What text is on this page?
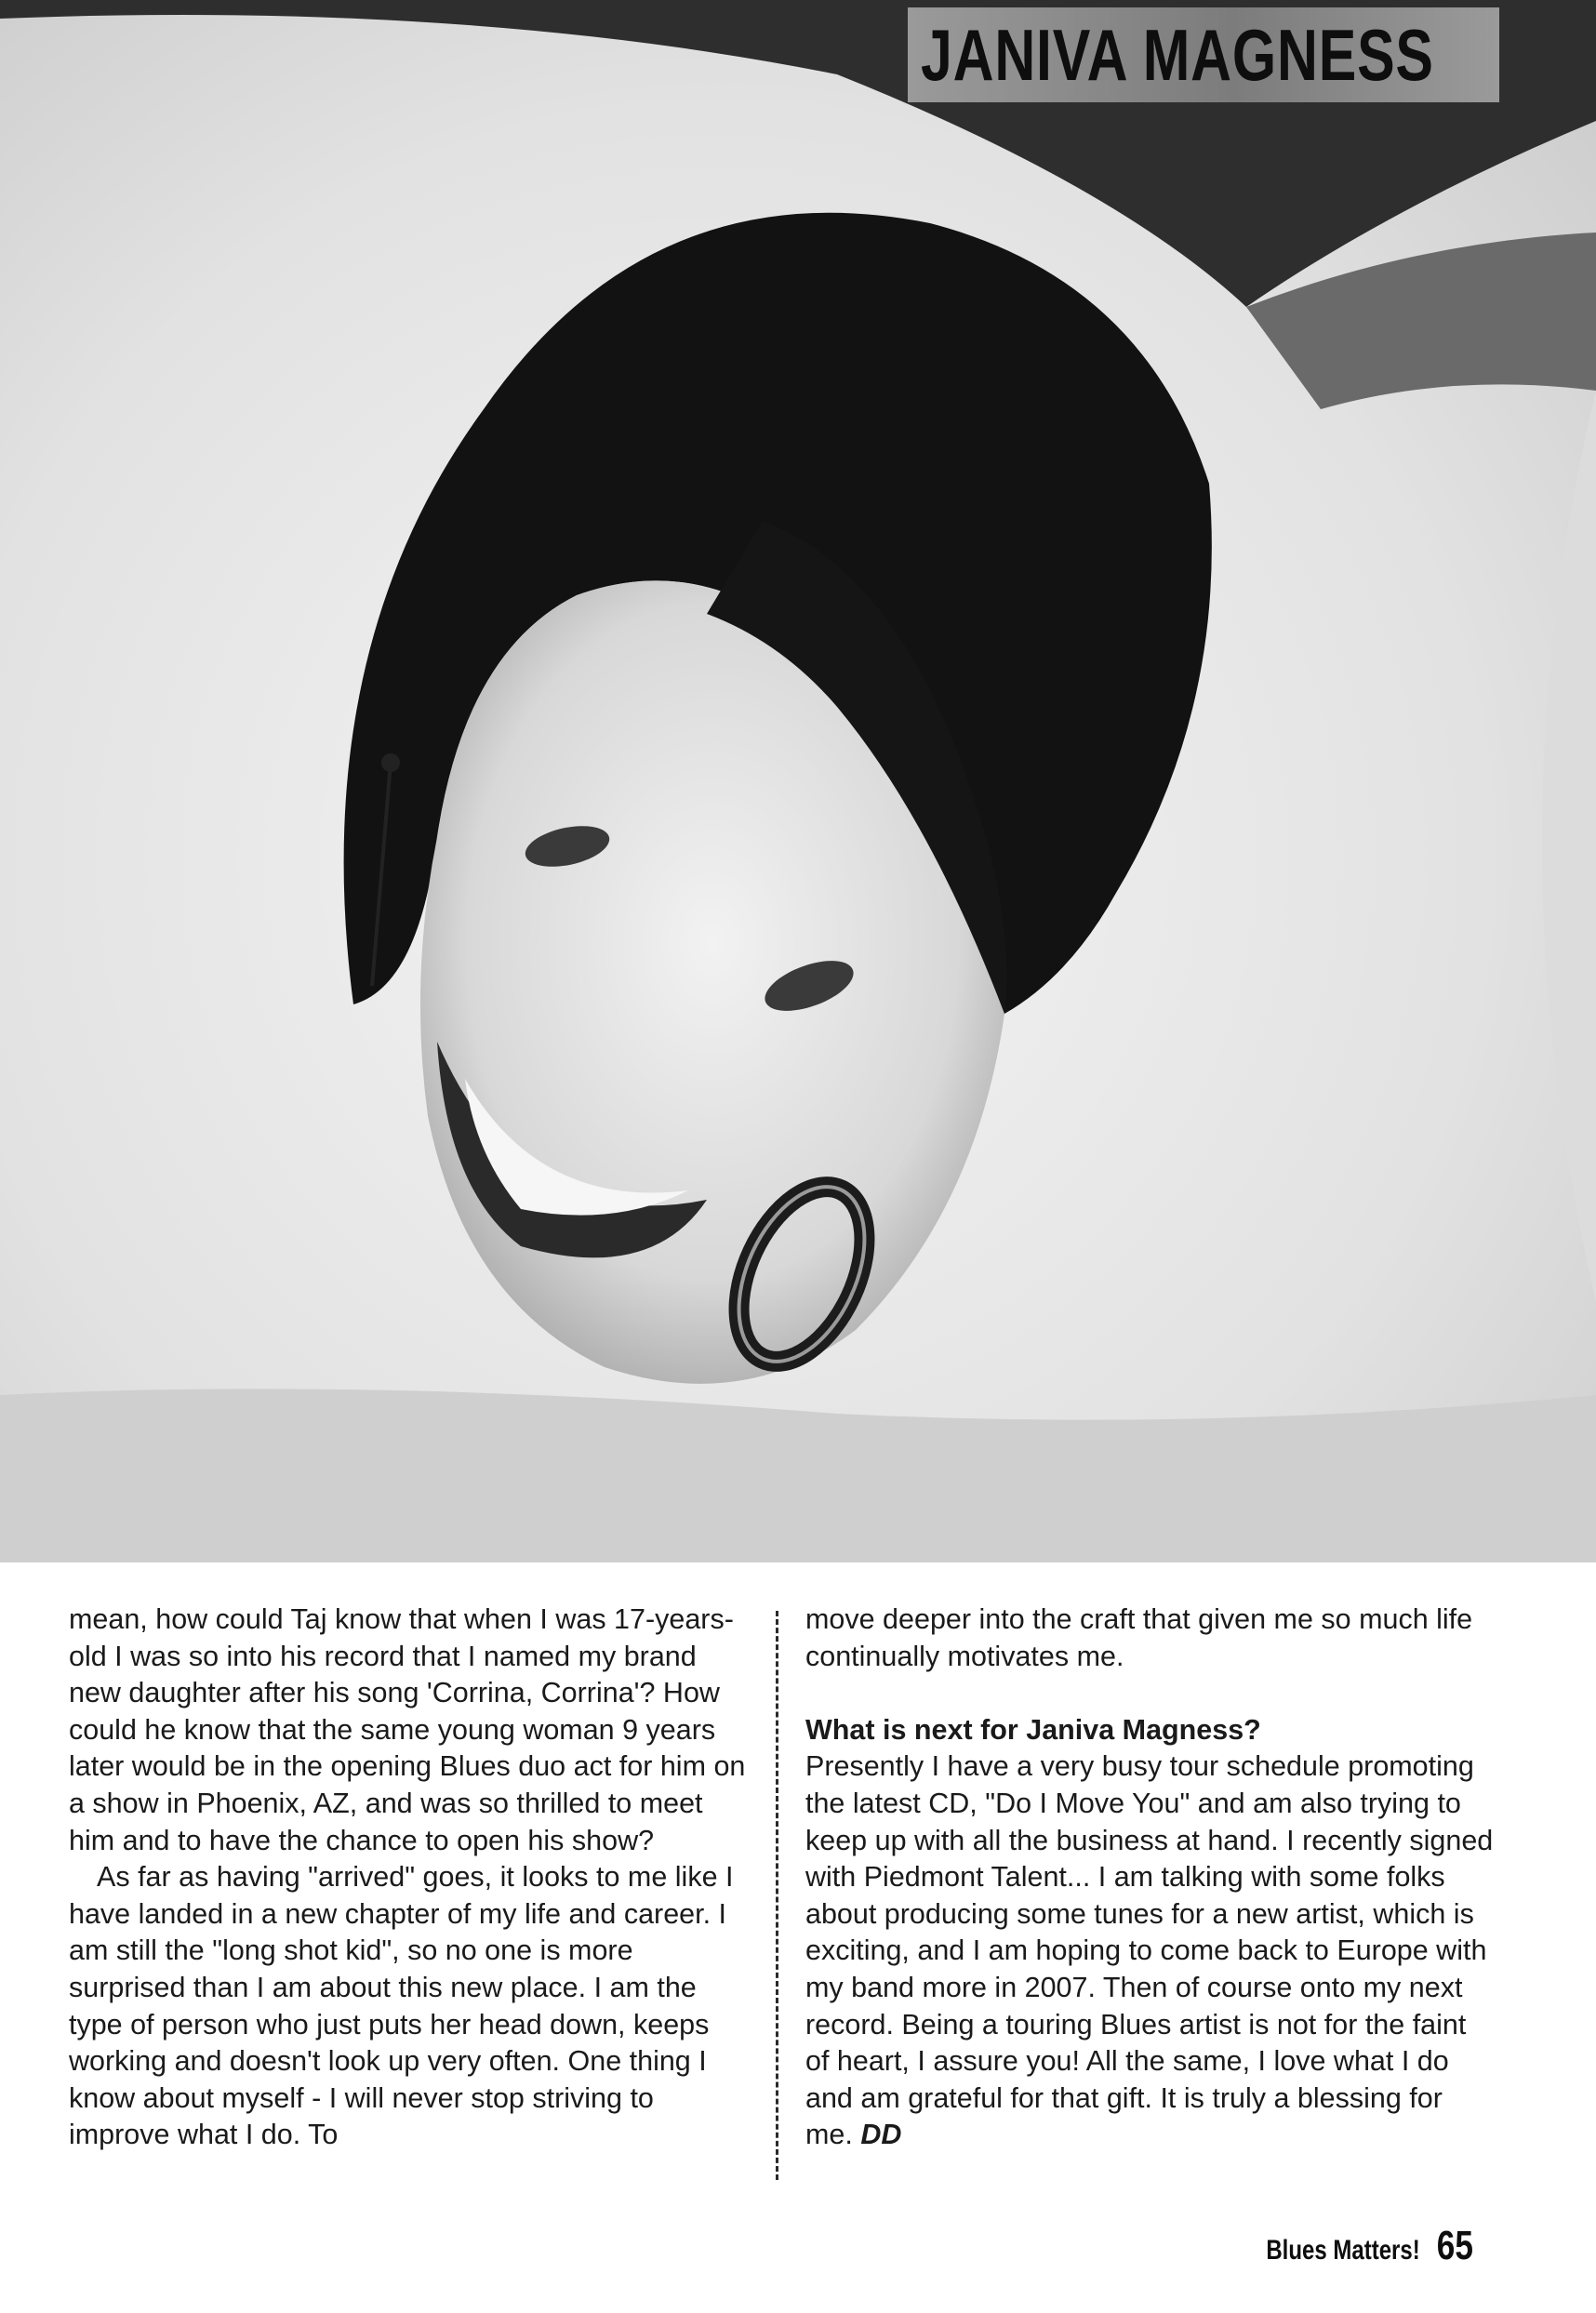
JANIVA MAGNESS

mean, how could Taj know that when I was 17-years-old I was so into his record that I named my brand new daughter after his song 'Corrina, Corrina'? How could he know that the same young woman 9 years later would be in the opening Blues duo act for him on a show in Phoenix, AZ, and was so thrilled to meet him and to have the chance to open his show?

As far as having "arrived" goes, it looks to me like I have landed in a new chapter of my life and career. I am still the "long shot kid", so no one is more surprised than I am about this new place. I am the type of person who just puts her head down, keeps working and doesn't look up very often. One thing I know about myself - I will never stop striving to improve what I do. To

move deeper into the craft that given me so much life continually motivates me.

What is next for Janiva Magness?

Presently I have a very busy tour schedule promoting the latest CD, "Do I Move You" and am also trying to keep up with all the business at hand. I recently signed with Piedmont Talent... I am talking with some folks about producing some tunes for a new artist, which is exciting, and I am hoping to come back to Europe with my band more in 2007. Then of course onto my next record. Being a touring Blues artist is not for the faint of heart, I assure you! All the same, I love what I do and am grateful for that gift. It is truly a blessing for me. DD

Blues Matters! 65
